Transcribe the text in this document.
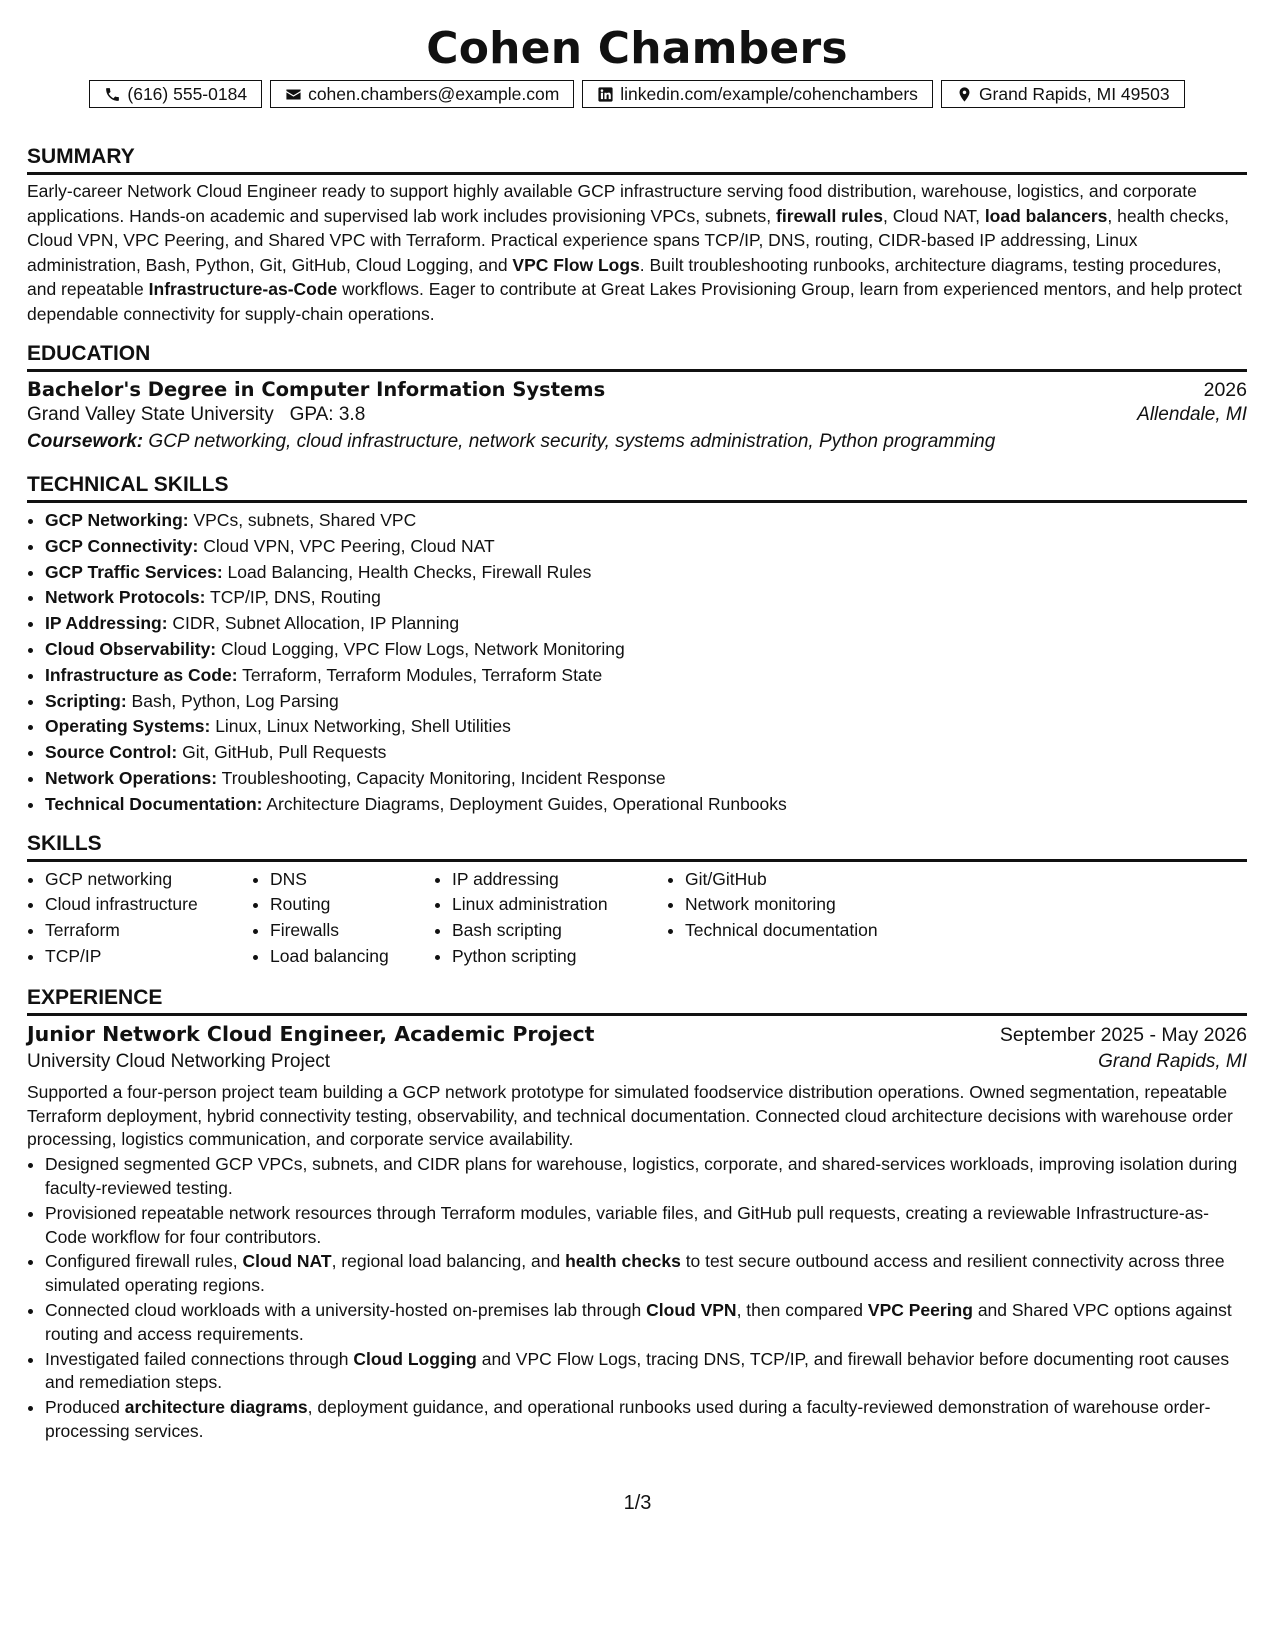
Cohen Chambers
(616) 555-0184	cohen.chambers@example.com	linkedin.com/example/cohenchambers	Grand Rapids, MI 49503
SUMMARY

Early-career Network Cloud Engineer ready to support highly available GCP infrastructure serving food distribution, warehouse, logistics, and corporate applications. Hands-on academic and supervised lab work includes provisioning VPCs, subnets, firewall rules, Cloud NAT, load balancers, health checks, Cloud VPN, VPC Peering, and Shared VPC with Terraform. Practical experience spans TCP/IP, DNS, routing, CIDR-based IP addressing, Linux administration, Bash, Python, Git, GitHub, Cloud Logging, and VPC Flow Logs. Built troubleshooting runbooks, architecture diagrams, testing procedures, and repeatable Infrastructure-as-Code workflows. Eager to contribute at Great Lakes Provisioning Group, learn from experienced mentors, and help protect dependable connectivity for supply-chain operations.

EDUCATION
Bachelor's Degree in Computer Information Systems	2026
Grand Valley State University GPA: 3.8	Allendale, MI
Coursework: GCP networking, cloud infrastructure, network security, systems administration, Python programming
TECHNICAL SKILLS
• GCP Networking: VPCs, subnets, Shared VPC
• GCP Connectivity: Cloud VPN, VPC Peering, Cloud NAT
• GCP Traffic Services: Load Balancing, Health Checks, Firewall Rules
• Network Protocols: TCP/IP, DNS, Routing
• IP Addressing: CIDR, Subnet Allocation, IP Planning
• Cloud Observability: Cloud Logging, VPC Flow Logs, Network Monitoring
• Infrastructure as Code: Terraform, Terraform Modules, Terraform State
• Scripting: Bash, Python, Log Parsing
• Operating Systems: Linux, Linux Networking, Shell Utilities
• Source Control: Git, GitHub, Pull Requests
• Network Operations: Troubleshooting, Capacity Monitoring, Incident Response
• Technical Documentation: Architecture Diagrams, Deployment Guides, Operational Runbooks
SKILLS
• GCP networking
• Cloud infrastructure
• Terraform
• TCP/IP
• DNS
• Routing
• Firewalls
• Load balancing
• IP addressing
• Linux administration
• Bash scripting
• Python scripting
• Git/GitHub
• Network monitoring
• Technical documentation
EXPERIENCE
Junior Network Cloud Engineer, Academic Project	September 2025 - May 2026
University Cloud Networking Project	Grand Rapids, MI

Supported a four-person project team building a GCP network prototype for simulated foodservice distribution operations. Owned segmentation, repeatable Terraform deployment, hybrid connectivity testing, observability, and technical documentation. Connected cloud architecture decisions with warehouse order processing, logistics communication, and corporate service availability.

• Designed segmented GCP VPCs, subnets, and CIDR plans for warehouse, logistics, corporate, and shared-services workloads, improving isolation during faculty-reviewed testing.
• Provisioned repeatable network resources through Terraform modules, variable files, and GitHub pull requests, creating a reviewable Infrastructure-as-Code workflow for four contributors.
• Configured firewall rules, Cloud NAT, regional load balancing, and health checks to test secure outbound access and resilient connectivity across three simulated operating regions.
• Connected cloud workloads with a university-hosted on-premises lab through Cloud VPN, then compared VPC Peering and Shared VPC options against routing and access requirements.
• Investigated failed connections through Cloud Logging and VPC Flow Logs, tracing DNS, TCP/IP, and firewall behavior before documenting root causes and remediation steps.
• Produced architecture diagrams, deployment guidance, and operational runbooks used during a faculty-reviewed demonstration of warehouse order-processing services.
1/3
